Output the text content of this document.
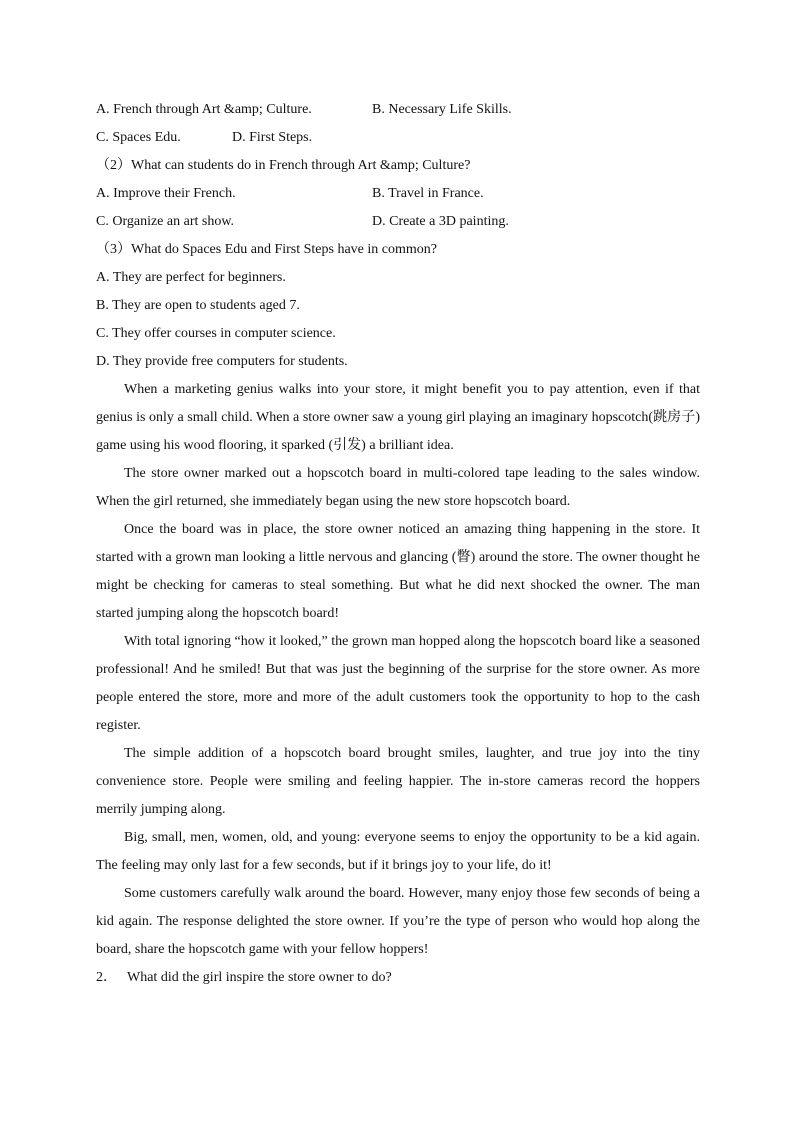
A. French through Art &amp; Culture.	B. Necessary Life Skills.
C. Spaces Edu.	D. First Steps.
（2）What can students do in French through Art &amp; Culture?
A. Improve their French.	B. Travel in France.
C. Organize an art show.	D. Create a 3D painting.
（3）What do Spaces Edu and First Steps have in common?
A. They are perfect for beginners.
B. They are open to students aged 7.
C. They offer courses in computer science.
D. They provide free computers for students.

When a marketing genius walks into your store, it might benefit you to pay attention, even if that genius is only a small child. When a store owner saw a young girl playing an imaginary hopscotch(跳房子) game using his wood flooring, it sparked (引发) a brilliant idea.

The store owner marked out a hopscotch board in multi-colored tape leading to the sales window. When the girl returned, she immediately began using the new store hopscotch board.

Once the board was in place, the store owner noticed an amazing thing happening in the store. It started with a grown man looking a little nervous and glancing (瞥) around the store. The owner thought he might be checking for cameras to steal something. But what he did next shocked the owner. The man started jumping along the hopscotch board!

With total ignoring “how it looked,” the grown man hopped along the hopscotch board like a seasoned professional! And he smiled! But that was just the beginning of the surprise for the store owner. As more people entered the store, more and more of the adult customers took the opportunity to hop to the cash register.

The simple addition of a hopscotch board brought smiles, laughter, and true joy into the tiny convenience store. People were smiling and feeling happier. The in-store cameras record the hoppers merrily jumping along.

Big, small, men, women, old, and young: everyone seems to enjoy the opportunity to be a kid again. The feeling may only last for a few seconds, but if it brings joy to your life, do it!

Some customers carefully walk around the board. However, many enjoy those few seconds of being a kid again. The response delighted the store owner. If you’re the type of person who would hop along the board, share the hopscotch game with your fellow hoppers!

2． What did the girl inspire the store owner to do?
